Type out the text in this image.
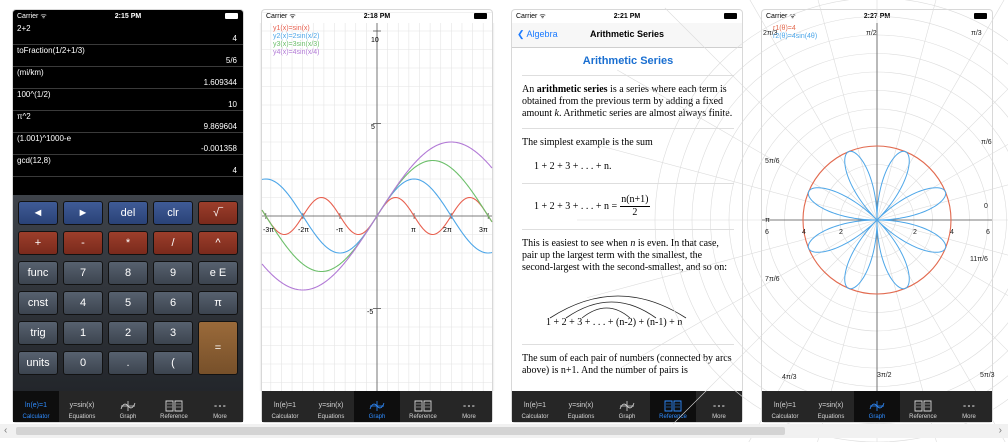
Carrier ᯤ	2:15 PM
2+2
4
toFraction(1/2+1/3)
5/6
(mi/km)
1.609344
100^(1/2)
10
π^2
9.869604
(1.001)^1000-e
-0.001358
gcd(12,8)
4
◄	►	del	clr	√‾
+	-	*	/	^
func	7	8	9	e E
cnst	4	5	6	π
trig	1	2	3
=
units	0	.	(
ln(e)=1
Calculator
y=sin(x)
Equations	Graph	Reference
∘∘∘
More
Carrier ᯤ	2:18 PM
10
5
-5
-3π	-2π	-π	π	2π	3π
y1(x)=sin(x)
y2(x)=2sin(x/2)
y3(x)=3sin(x/3)
y4(x)=4sin(x/4)
ln(e)=1
Calculator
y=sin(x)
Equations	Graph	Reference
∘∘∘
More
Carrier ᯤ	2:21 PM
❮ Algebra	Arithmetic Series
Arithmetic Series

An arithmetic series is a series where each term is obtained from the previous term by adding a fixed amount k. Arithmetic series are almost always finite.

The simplest example is the sum

1 + 2 + 3 + . . . + n.

1 + 2 + 3 + . . . + $n = \frac{n(n+1)}{2}$

This is easiest to see when n is even. In that case, pair up the largest term with the smallest, the second-largest with the second-smallest, and so on:

1 + 2 + 3 + . . . + (n-2) + (n-1) + n

The sum of each pair of numbers (connected by arcs above) is n+1. And the number of pairs is

ln(e)=1
Calculator
y=sin(x)
Equations	Graph	Reference
∘∘∘
More
Carrier ᯤ	2:27 PM
π/2	π/3
2π/3
π/6
5π/6
0
π
11π/6
7π/6
5π/3
4π/3	3π/2
6	4	2	2	4	6
r1(θ)=4
r2(θ)=4sin(4θ)
ln(e)=1
Calculator
y=sin(x)
Equations	Graph	Reference
∘∘∘
More
‹	›
